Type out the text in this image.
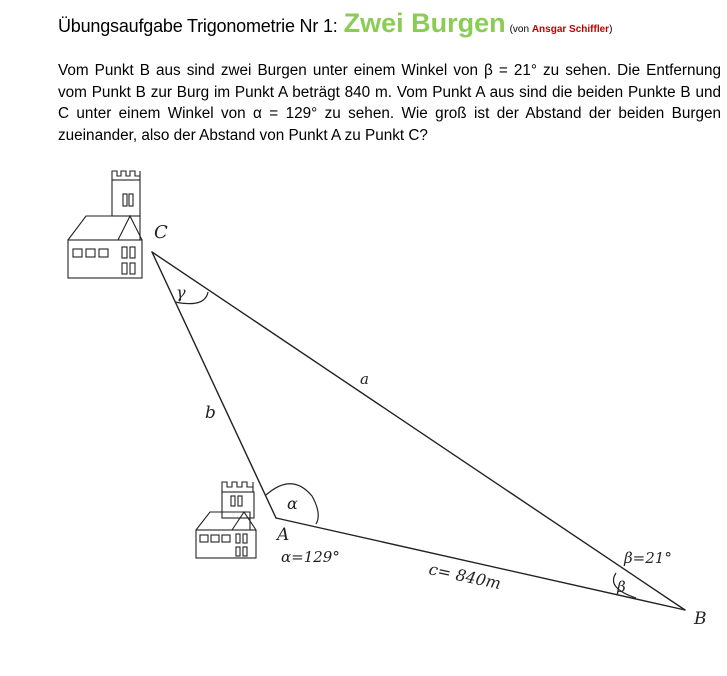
Übungsaufgabe Trigonometrie Nr 1: Zwei Burgen (von Ansgar Schiffler)
Vom Punkt B aus sind zwei Burgen unter einem Winkel von β = 21° zu sehen. Die Entfernung vom Punkt B zur Burg im Punkt A beträgt 840 m. Vom Punkt A aus sind die beiden Punkte B und C unter einem Winkel von α = 129° zu sehen. Wie groß ist der Abstand der beiden Burgen zueinander, also der Abstand von Punkt A zu Punkt C?
C
A
B
a
b
c= 840m
γ
α
β
α=129°	β=21°
